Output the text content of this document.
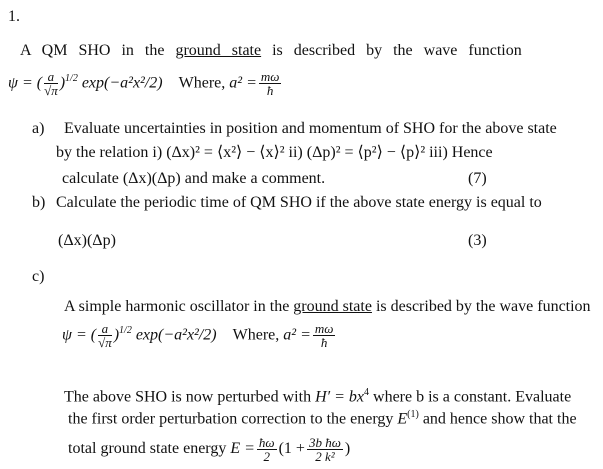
1.
A QM SHO in the ground state is described by the wave function
ψ = ( $\frac{a}{√\pi} )^{1/2}$ exp(−a²x²/2) Where, $a^2 = \frac{m\omega}{ħ}$
a) Evaluate uncertainties in position and momentum of SHO for the above state
by the relation i) (Δx)² = ⟨x²⟩ − ⟨x⟩² ii) (Δp)² = ⟨p²⟩ − ⟨p⟩² iii) Hence
calculate (Δx)(Δp) and make a comment.	(7)
b) Calculate the periodic time of QM SHO if the above state energy is equal to
(Δx)(Δp)	(3)
c)
A simple harmonic oscillator in the ground state is described by the wave function
ψ = ( $\frac{a}{√\pi} )^{1/2}$ exp(−a²x²/2) Where, $a^2 = \frac{m\omega}{ħ}$
The above SHO is now perturbed with $H' = bx^4$ where b is a constant. Evaluate
the first order perturbation correction to the energy $E^{(1)}$ and hence show that the
total ground state energy $E = \frac{ħ\omega}{2} (1 + \frac{\text{3b ħω}}{\text{2 k²}}$ )
